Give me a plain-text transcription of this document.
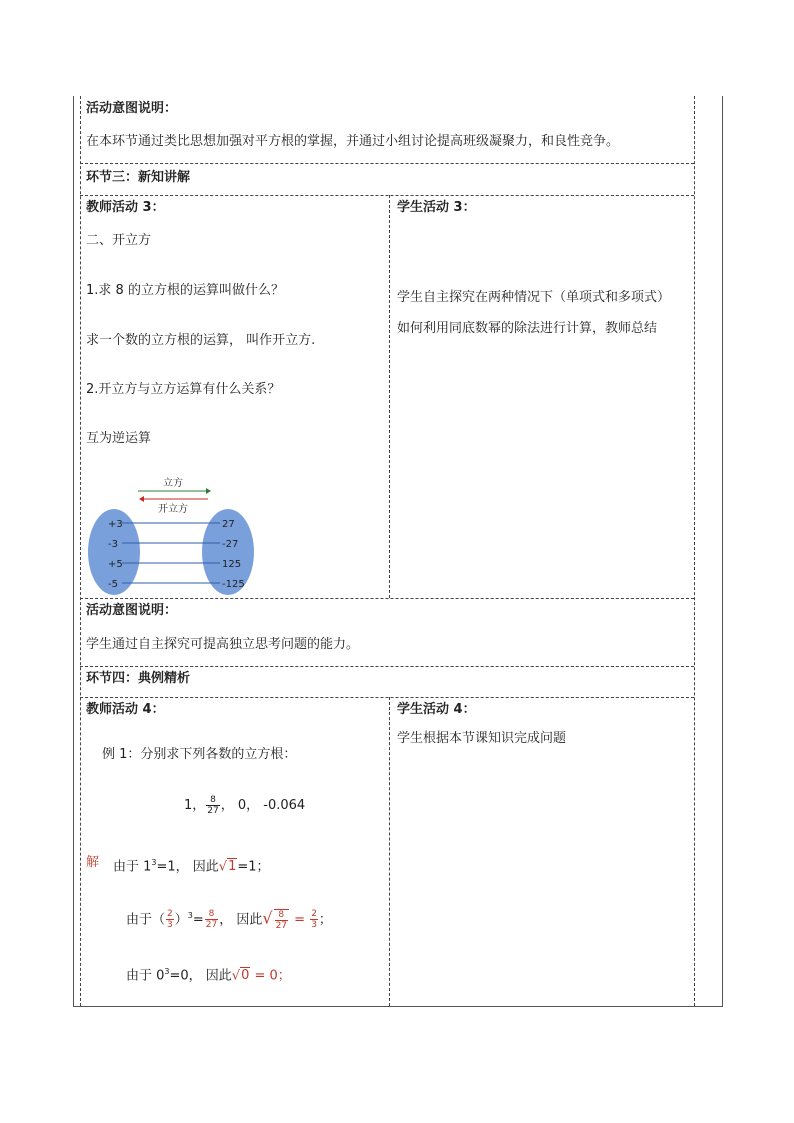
活动意图说明：
在本环节通过类比思想加强对平方根的掌握，并通过小组讨论提高班级凝聚力，和良性竞争。
环节三：新知讲解
教师活动 3：	学生活动 3：
二、开立方
1.求 8 的立方根的运算叫做什么？
求一个数的立方根的运算， 叫作开立方.
2.开立方与立方运算有什么关系？
互为逆运算
学生自主探究在两种情况下（单项式和多项式）
如何利用同底数幂的除法进行计算，教师总结
立方
开立方
+3
-3
+5
-5
27
-27
125
-125
活动意图说明：
学生通过自主探究可提高独立思考问题的能力。
环节四：典例精析
教师活动 4：	学生活动 4：
学生根据本节课知识完成问题
例 1：分别求下列各数的立方根：
1， $\frac{8}{27}$ ， 0， -0.064
解 由于 $1^3=1$， 因此√1=1；
由于（ $\frac{2}{3} )^3= \frac{8}{27}$ ， 因此√ $\frac{8}{27} = \frac{2}{3}$ ；
由于 $0^3=0$， 因此√0 = 0；
